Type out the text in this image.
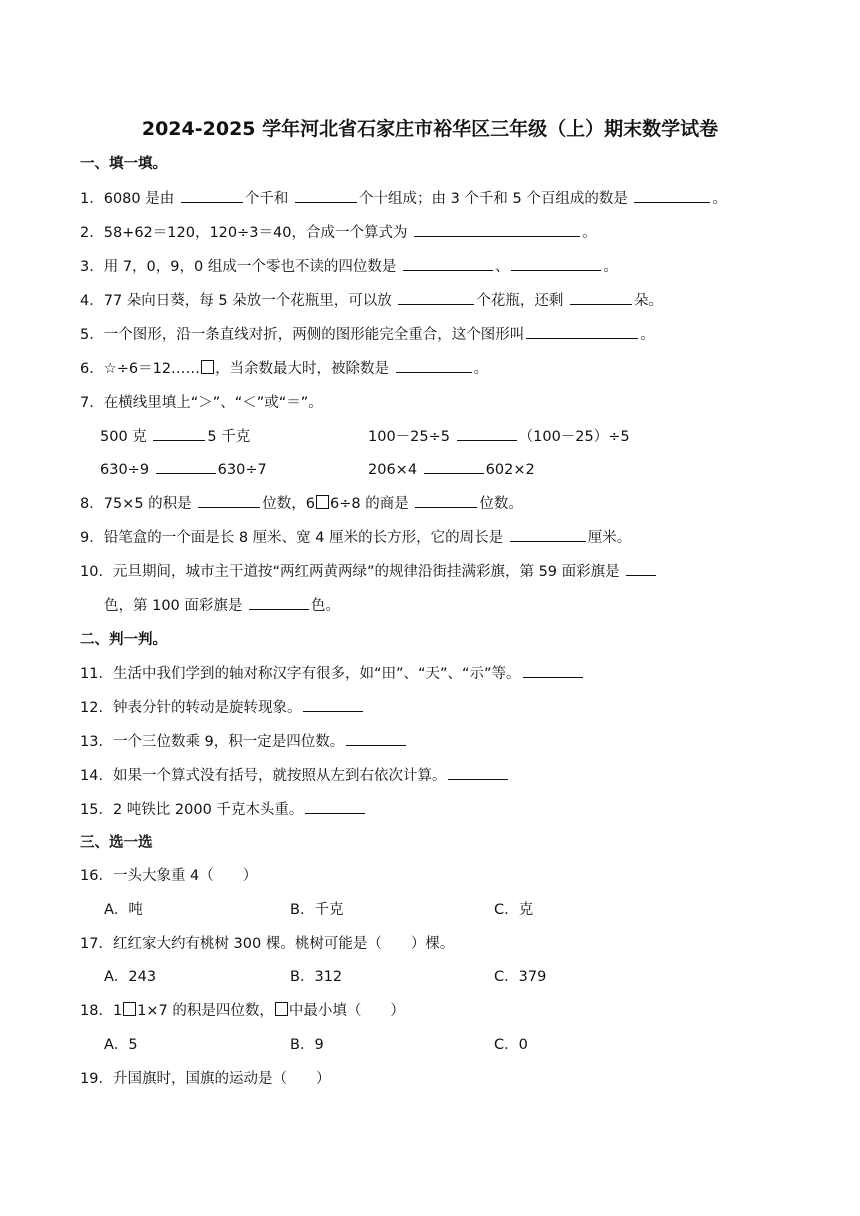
2024-2025 学年河北省石家庄市裕华区三年级（上）期末数学试卷
一、填一填。
1．6080 是由	个千和	个十组成；由 3 个千和 5 个百组成的数是	。
2．58+62＝120，120÷3＝40，合成一个算式为	。
3．用 7，0，9，0 组成一个零也不读的四位数是	、	。
4．77 朵向日葵，每 5 朵放一个花瓶里，可以放	个花瓶，还剩	朵。
5．一个图形，沿一条直线对折，两侧的图形能完全重合，这个图形叫	。
6．☆÷6＝12…… ，当余数最大时，被除数是	。
7．在横线里填上“＞”、“＜”或“＝”。
500 克	5 千克	100－25÷5	（100－25）÷5
630÷9	630÷7	206×4	602×2
8．75×5 的积是	位数，6 6÷8 的商是	位数。
9．铅笔盒的一个面是长 8 厘米、宽 4 厘米的长方形，它的周长是	厘米。
10．元旦期间，城市主干道按“两红两黄两绿”的规律沿街挂满彩旗，第 59 面彩旗是
色，第 100 面彩旗是	色。
二、判一判。
11．生活中我们学到的轴对称汉字有很多，如“田”、“天”、“示”等。
12．钟表分针的转动是旋转现象。
13．一个三位数乘 9，积一定是四位数。
14．如果一个算式没有括号，就按照从左到右依次计算。
15．2 吨铁比 2000 千克木头重。
三、选一选
16．一头大象重 4（　　）
A．吨	B．千克	C．克
17．红红家大约有桃树 300 棵。桃树可能是（　　）棵。
A．243	B．312	C．379
18．1 1×7 的积是四位数， 中最小填（　　）
A．5	B．9	C．0
19．升国旗时，国旗的运动是（　　）
